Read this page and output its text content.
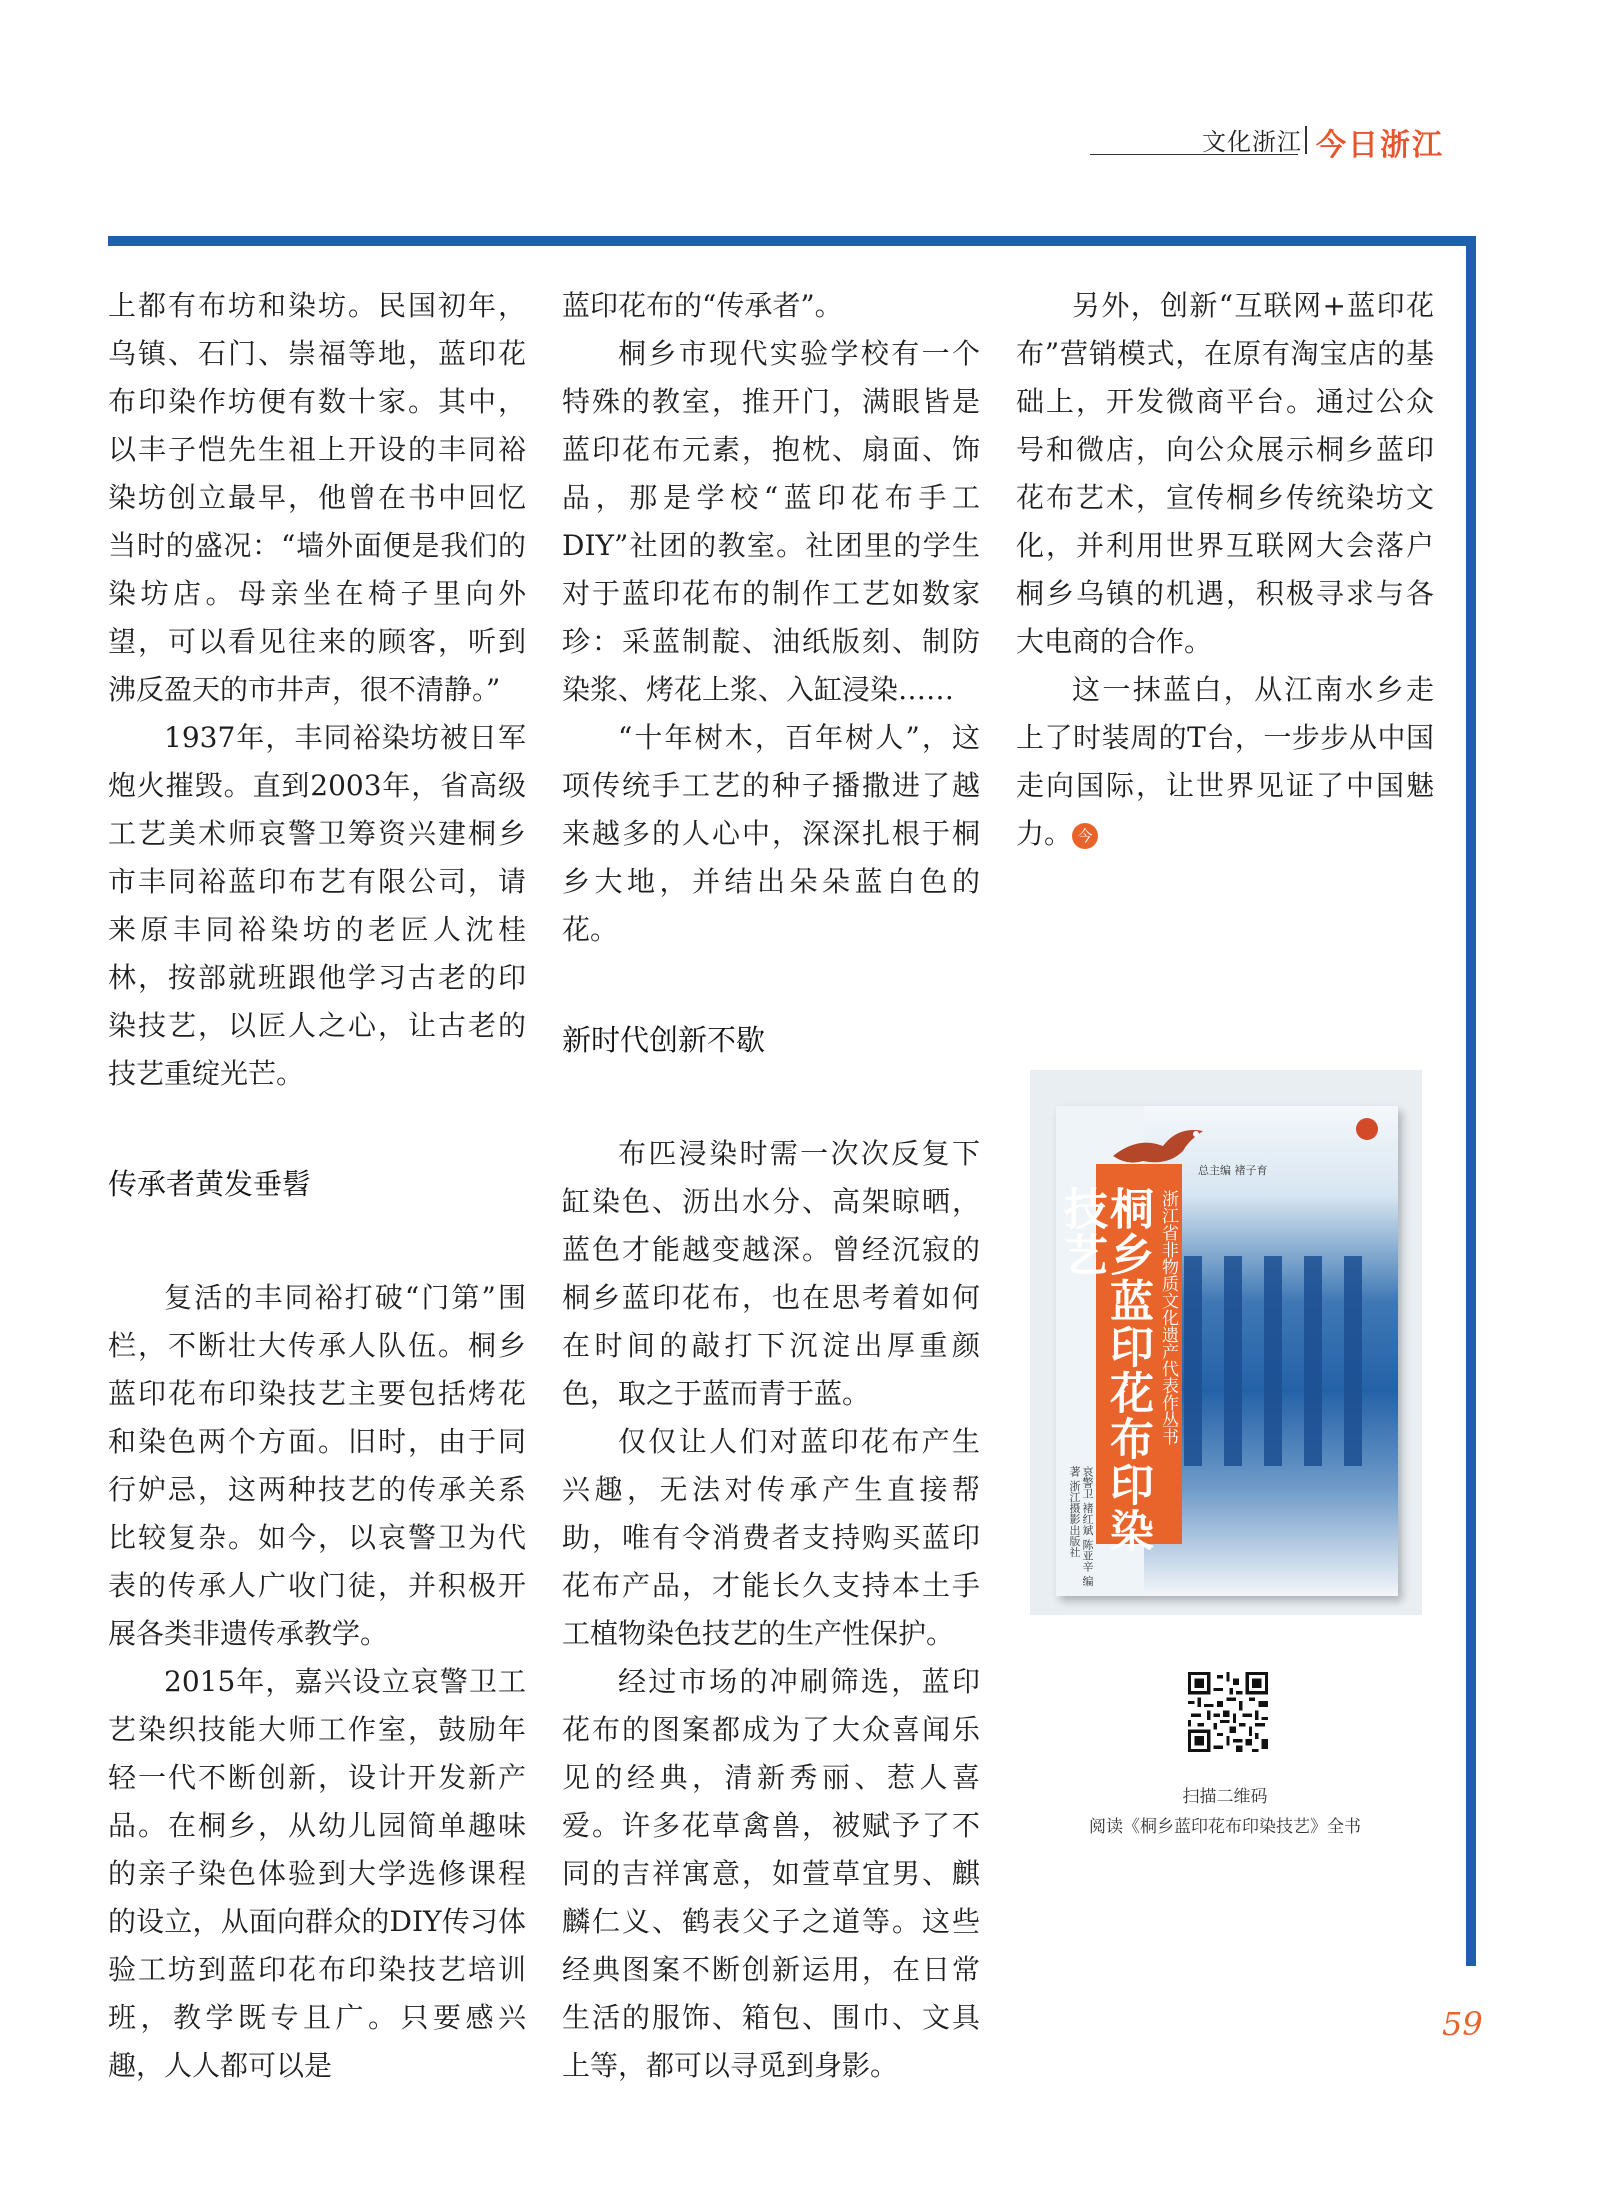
文化浙江 今日浙江

上都有布坊和染坊。民国初年，乌镇、石门、崇福等地，蓝印花布印染作坊便有数十家。其中，以丰子恺先生祖上开设的丰同裕染坊创立最早，他曾在书中回忆当时的盛况：“墙外面便是我们的染坊店。母亲坐在椅子里向外望，可以看见往来的顾客，听到沸反盈天的市井声，很不清静。”

1937年，丰同裕染坊被日军炮火摧毁。直到2003年，省高级工艺美术师哀警卫筹资兴建桐乡市丰同裕蓝印布艺有限公司，请来原丰同裕染坊的老匠人沈桂林，按部就班跟他学习古老的印染技艺，以匠人之心，让古老的技艺重绽光芒。

传承者黄发垂髫

复活的丰同裕打破“门第”围栏，不断壮大传承人队伍。桐乡蓝印花布印染技艺主要包括烤花和染色两个方面。旧时，由于同行妒忌，这两种技艺的传承关系比较复杂。如今，以哀警卫为代表的传承人广收门徒，并积极开展各类非遗传承教学。

2015年，嘉兴设立哀警卫工艺染织技能大师工作室，鼓励年轻一代不断创新，设计开发新产品。在桐乡，从幼儿园简单趣味的亲子染色体验到大学选修课程的设立，从面向群众的DIY传习体验工坊到蓝印花布印染技艺培训班，教学既专且广。只要感兴趣，人人都可以是

蓝印花布的“传承者”。

桐乡市现代实验学校有一个特殊的教室，推开门，满眼皆是蓝印花布元素，抱枕、扇面、饰品，那是学校“蓝印花布手工DIY”社团的教室。社团里的学生对于蓝印花布的制作工艺如数家珍：采蓝制靛、油纸版刻、制防染浆、烤花上浆、入缸浸染……

“十年树木，百年树人”，这项传统手工艺的种子播撒进了越来越多的人心中，深深扎根于桐乡大地，并结出朵朵蓝白色的花。

新时代创新不歇

布匹浸染时需一次次反复下缸染色、沥出水分、高架晾晒，蓝色才能越变越深。曾经沉寂的桐乡蓝印花布，也在思考着如何在时间的敲打下沉淀出厚重颜色，取之于蓝而青于蓝。

仅仅让人们对蓝印花布产生兴趣，无法对传承产生直接帮助，唯有令消费者支持购买蓝印花布产品，才能长久支持本土手工植物染色技艺的生产性保护。

经过市场的冲刷筛选，蓝印花布的图案都成为了大众喜闻乐见的经典，清新秀丽、惹人喜爱。许多花草禽兽，被赋予了不同的吉祥寓意，如萱草宜男、麒麟仁义、鹤表父子之道等。这些经典图案不断创新运用，在日常生活的服饰、箱包、围巾、文具上等，都可以寻觅到身影。

另外，创新“互联网+蓝印花布”营销模式，在原有淘宝店的基础上，开发微商平台。通过公众号和微店，向公众展示桐乡蓝印花布艺术，宣传桐乡传统染坊文化，并利用世界互联网大会落户桐乡乌镇的机遇，积极寻求与各大电商的合作。

这一抹蓝白，从江南水乡走上了时装周的T台，一步步从中国走向国际，让世界见证了中国魅力。 今

总主编 褚子育
桐乡蓝印花布印染技艺	浙江省非物质文化遗产代表作丛书
哀警卫 褚红斌 陈亚辛 编著 浙江摄影出版社
扫描二维码
阅读《桐乡蓝印花布印染技艺》全书
59
